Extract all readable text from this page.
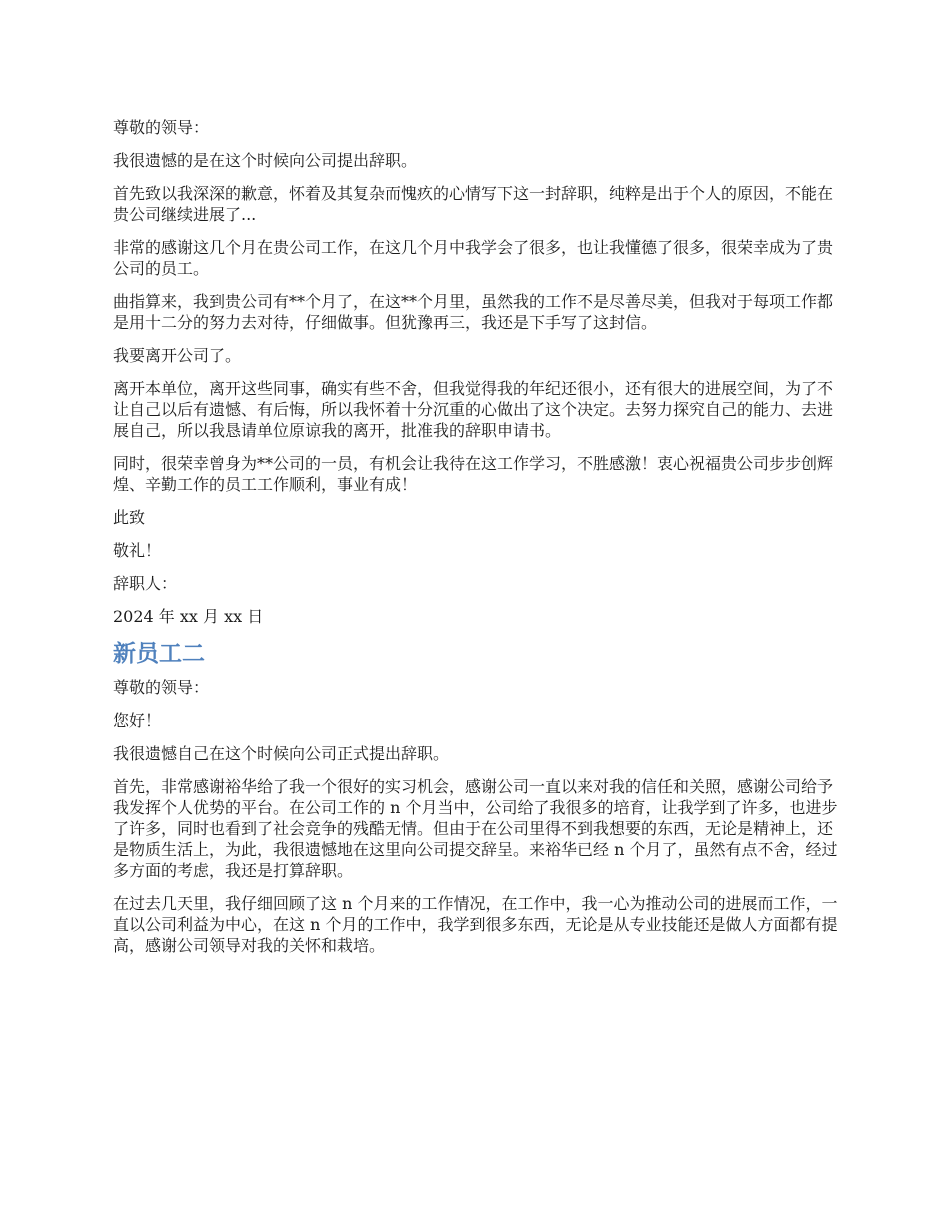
尊敬的领导：

我很遗憾的是在这个时候向公司提出辞职。

首先致以我深深的歉意，怀着及其复杂而愧疚的心情写下这一封辞职，纯粹是出于个人的原因，不能在贵公司继续进展了...

非常的感谢这几个月在贵公司工作，在这几个月中我学会了很多，也让我懂德了很多，很荣幸成为了贵公司的员工。

曲指算来，我到贵公司有**个月了，在这**个月里，虽然我的工作不是尽善尽美，但我对于每项工作都是用十二分的努力去对待，仔细做事。但犹豫再三，我还是下手写了这封信。

我要离开公司了。

离开本单位，离开这些同事，确实有些不舍，但我觉得我的年纪还很小，还有很大的进展空间，为了不让自己以后有遗憾、有后悔，所以我怀着十分沉重的心做出了这个决定。去努力探究自己的能力、去进展自己，所以我恳请单位原谅我的离开，批准我的辞职申请书。

同时，很荣幸曾身为**公司的一员，有机会让我待在这工作学习，不胜感激！衷心祝福贵公司步步创辉煌、辛勤工作的员工工作顺利，事业有成！

此致

敬礼！

辞职人：

2024 年 xx 月 xx 日

新员工二

尊敬的领导：

您好！

我很遗憾自己在这个时候向公司正式提出辞职。

首先，非常感谢裕华给了我一个很好的实习机会，感谢公司一直以来对我的信任和关照，感谢公司给予我发挥个人优势的平台。在公司工作的 n 个月当中，公司给了我很多的培育，让我学到了许多，也进步了许多，同时也看到了社会竞争的残酷无情。但由于在公司里得不到我想要的东西，无论是精神上，还是物质生活上，为此，我很遗憾地在这里向公司提交辞呈。来裕华已经 n 个月了，虽然有点不舍，经过多方面的考虑，我还是打算辞职。

在过去几天里，我仔细回顾了这 n 个月来的工作情况，在工作中，我一心为推动公司的进展而工作，一直以公司利益为中心，在这 n 个月的工作中，我学到很多东西，无论是从专业技能还是做人方面都有提高，感谢公司领导对我的关怀和栽培。
